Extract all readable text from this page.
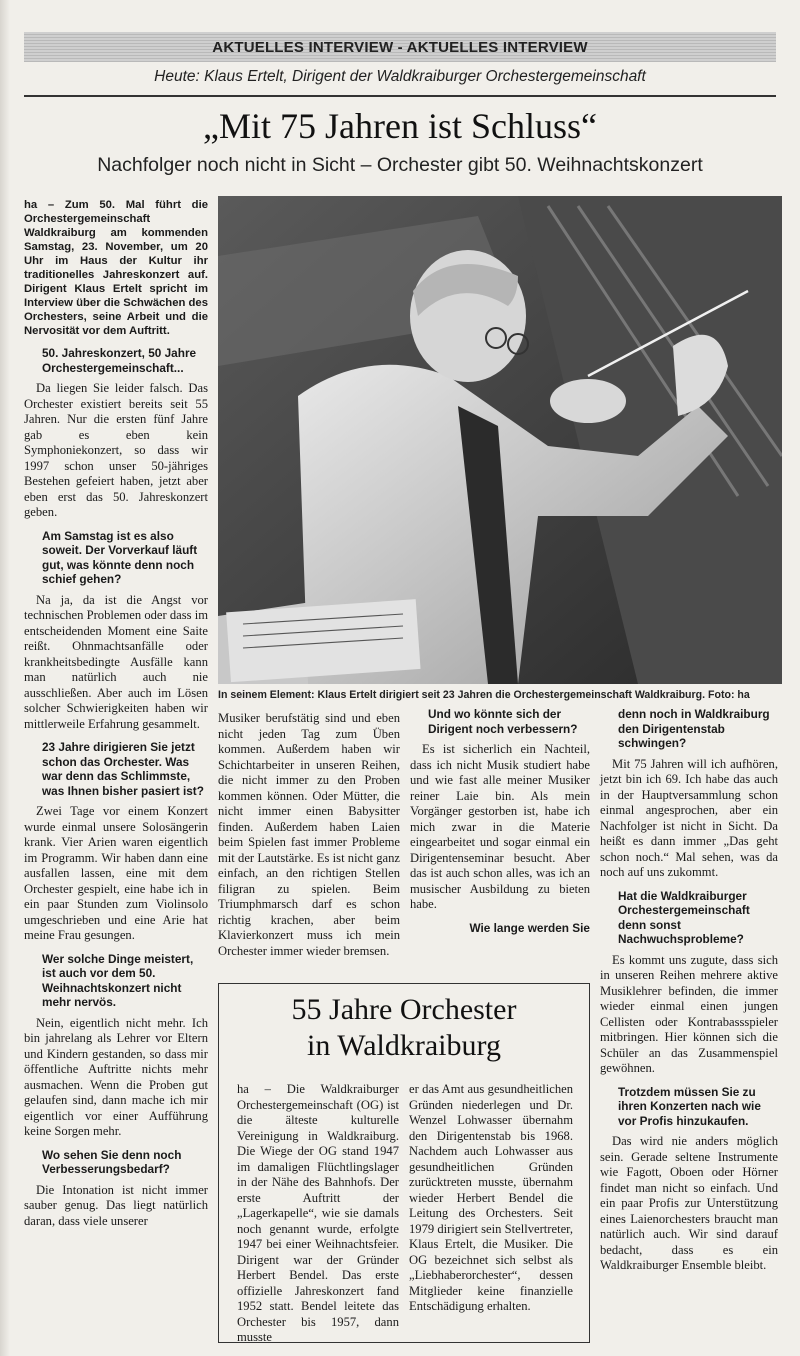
AKTUELLES INTERVIEW - AKTUELLES INTERVIEW
Heute: Klaus Ertelt, Dirigent der Waldkraiburger Orchestergemeinschaft
„Mit 75 Jahren ist Schluss“
Nachfolger noch nicht in Sicht – Orchester gibt 50. Weihnachtskonzert

ha – Zum 50. Mal führt die Orchestergemeinschaft Waldkraiburg am kommenden Samstag, 23. November, um 20 Uhr im Haus der Kultur ihr traditionelles Jahreskonzert auf. Dirigent Klaus Ertelt spricht im Interview über die Schwächen des Orchesters, seine Arbeit und die Nervosität vor dem Auftritt.

50. Jahreskonzert, 50 Jahre Orchestergemeinschaft...

Da liegen Sie leider falsch. Das Orchester existiert bereits seit 55 Jahren. Nur die ersten fünf Jahre gab es eben kein Symphoniekonzert, so dass wir 1997 schon unser 50-jähriges Bestehen gefeiert haben, jetzt aber eben erst das 50. Jahreskonzert geben.

Am Samstag ist es also soweit. Der Vorverkauf läuft gut, was könnte denn noch schief gehen?

Na ja, da ist die Angst vor technischen Problemen oder dass im entscheidenden Moment eine Saite reißt. Ohnmachtsanfälle oder krankheitsbedingte Ausfälle kann man natürlich auch nie ausschließen. Aber auch im Lösen solcher Schwierigkeiten haben wir mittlerweile Erfahrung gesammelt.

23 Jahre dirigieren Sie jetzt schon das Orchester. Was war denn das Schlimmste, was Ihnen bisher pasiert ist?

Zwei Tage vor einem Konzert wurde einmal unsere Solosängerin krank. Vier Arien waren eigentlich im Programm. Wir haben dann eine ausfallen lassen, eine mit dem Orchester gespielt, eine habe ich in ein paar Stunden zum Violinsolo umgeschrieben und eine Arie hat meine Frau gesungen.

Wer solche Dinge meistert, ist auch vor dem 50. Weihnachtskonzert nicht mehr nervös.

Nein, eigentlich nicht mehr. Ich bin jahrelang als Lehrer vor Eltern und Kindern gestanden, so dass mir öffentliche Auftritte nichts mehr ausmachen. Wenn die Proben gut gelaufen sind, dann mache ich mir eigentlich vor einer Aufführung keine Sorgen mehr.

Wo sehen Sie denn noch Verbesserungsbedarf?

Die Intonation ist nicht immer sauber genug. Das liegt natürlich daran, dass viele unserer

In seinem Element: Klaus Ertelt dirigiert seit 23 Jahren die Orchestergemeinschaft Waldkraiburg. Foto: ha

Musiker berufstätig sind und eben nicht jeden Tag zum Üben kommen. Außerdem haben wir Schichtarbeiter in unseren Reihen, die nicht immer zu den Proben kommen können. Oder Mütter, die nicht immer einen Babysitter finden. Außerdem haben Laien beim Spielen fast immer Probleme mit der Lautstärke. Es ist nicht ganz einfach, an den richtigen Stellen filigran zu spielen. Beim Triumphmarsch darf es schon richtig krachen, aber beim Klavierkonzert muss ich mein Orchester immer wieder bremsen.

Und wo könnte sich der Dirigent noch verbessern?

Es ist sicherlich ein Nachteil, dass ich nicht Musik studiert habe und wie fast alle meiner Musiker reiner Laie bin. Als mein Vorgänger gestorben ist, habe ich mich zwar in die Materie eingearbeitet und sogar einmal ein Dirigentenseminar besucht. Aber das ist auch schon alles, was ich an musischer Ausbildung zu bieten habe.

Wie lange werden Sie

denn noch in Waldkraiburg den Dirigentenstab schwingen?

Mit 75 Jahren will ich aufhören, jetzt bin ich 69. Ich habe das auch in der Hauptversammlung schon einmal angesprochen, aber ein Nachfolger ist nicht in Sicht. Da heißt es dann immer „Das geht schon noch.“ Mal sehen, was da noch auf uns zukommt.

Hat die Waldkraiburger Orchestergemeinschaft denn sonst Nachwuchsprobleme?

Es kommt uns zugute, dass sich in unseren Reihen mehrere aktive Musiklehrer befinden, die immer wieder einmal einen jungen Cellisten oder Kontrabassspieler mitbringen. Hier können sich die Schüler an das Zusammenspiel gewöhnen.

Trotzdem müssen Sie zu ihren Konzerten nach wie vor Profis hinzukaufen.

Das wird nie anders möglich sein. Gerade seltene Instrumente wie Fagott, Oboen oder Hörner findet man nicht so einfach. Und ein paar Profis zur Unterstützung eines Laienorchesters braucht man natürlich auch. Wir sind darauf bedacht, dass es ein Waldkraiburger Ensemble bleibt.

55 Jahre Orchester
in Waldkraiburg

ha – Die Waldkraiburger Orchestergemeinschaft (OG) ist die älteste kulturelle Vereinigung in Waldkraiburg. Die Wiege der OG stand 1947 im damaligen Flüchtlingslager in der Nähe des Bahnhofs. Der erste Auftritt der „Lagerkapelle“, wie sie damals noch genannt wurde, erfolgte 1947 bei einer Weihnachtsfeier. Dirigent war der Gründer Herbert Bendel. Das erste offizielle Jahreskonzert fand 1952 statt. Bendel leitete das Orchester bis 1957, dann musste

er das Amt aus gesundheitlichen Gründen niederlegen und Dr. Wenzel Lohwasser übernahm den Dirigentenstab bis 1968. Nachdem auch Lohwasser aus gesundheitlichen Gründen zurücktreten musste, übernahm wieder Herbert Bendel die Leitung des Orchesters. Seit 1979 dirigiert sein Stellvertreter, Klaus Ertelt, die Musiker. Die OG bezeichnet sich selbst als „Liebhaberorchester“, dessen Mitglieder keine finanzielle Entschädigung erhalten.
